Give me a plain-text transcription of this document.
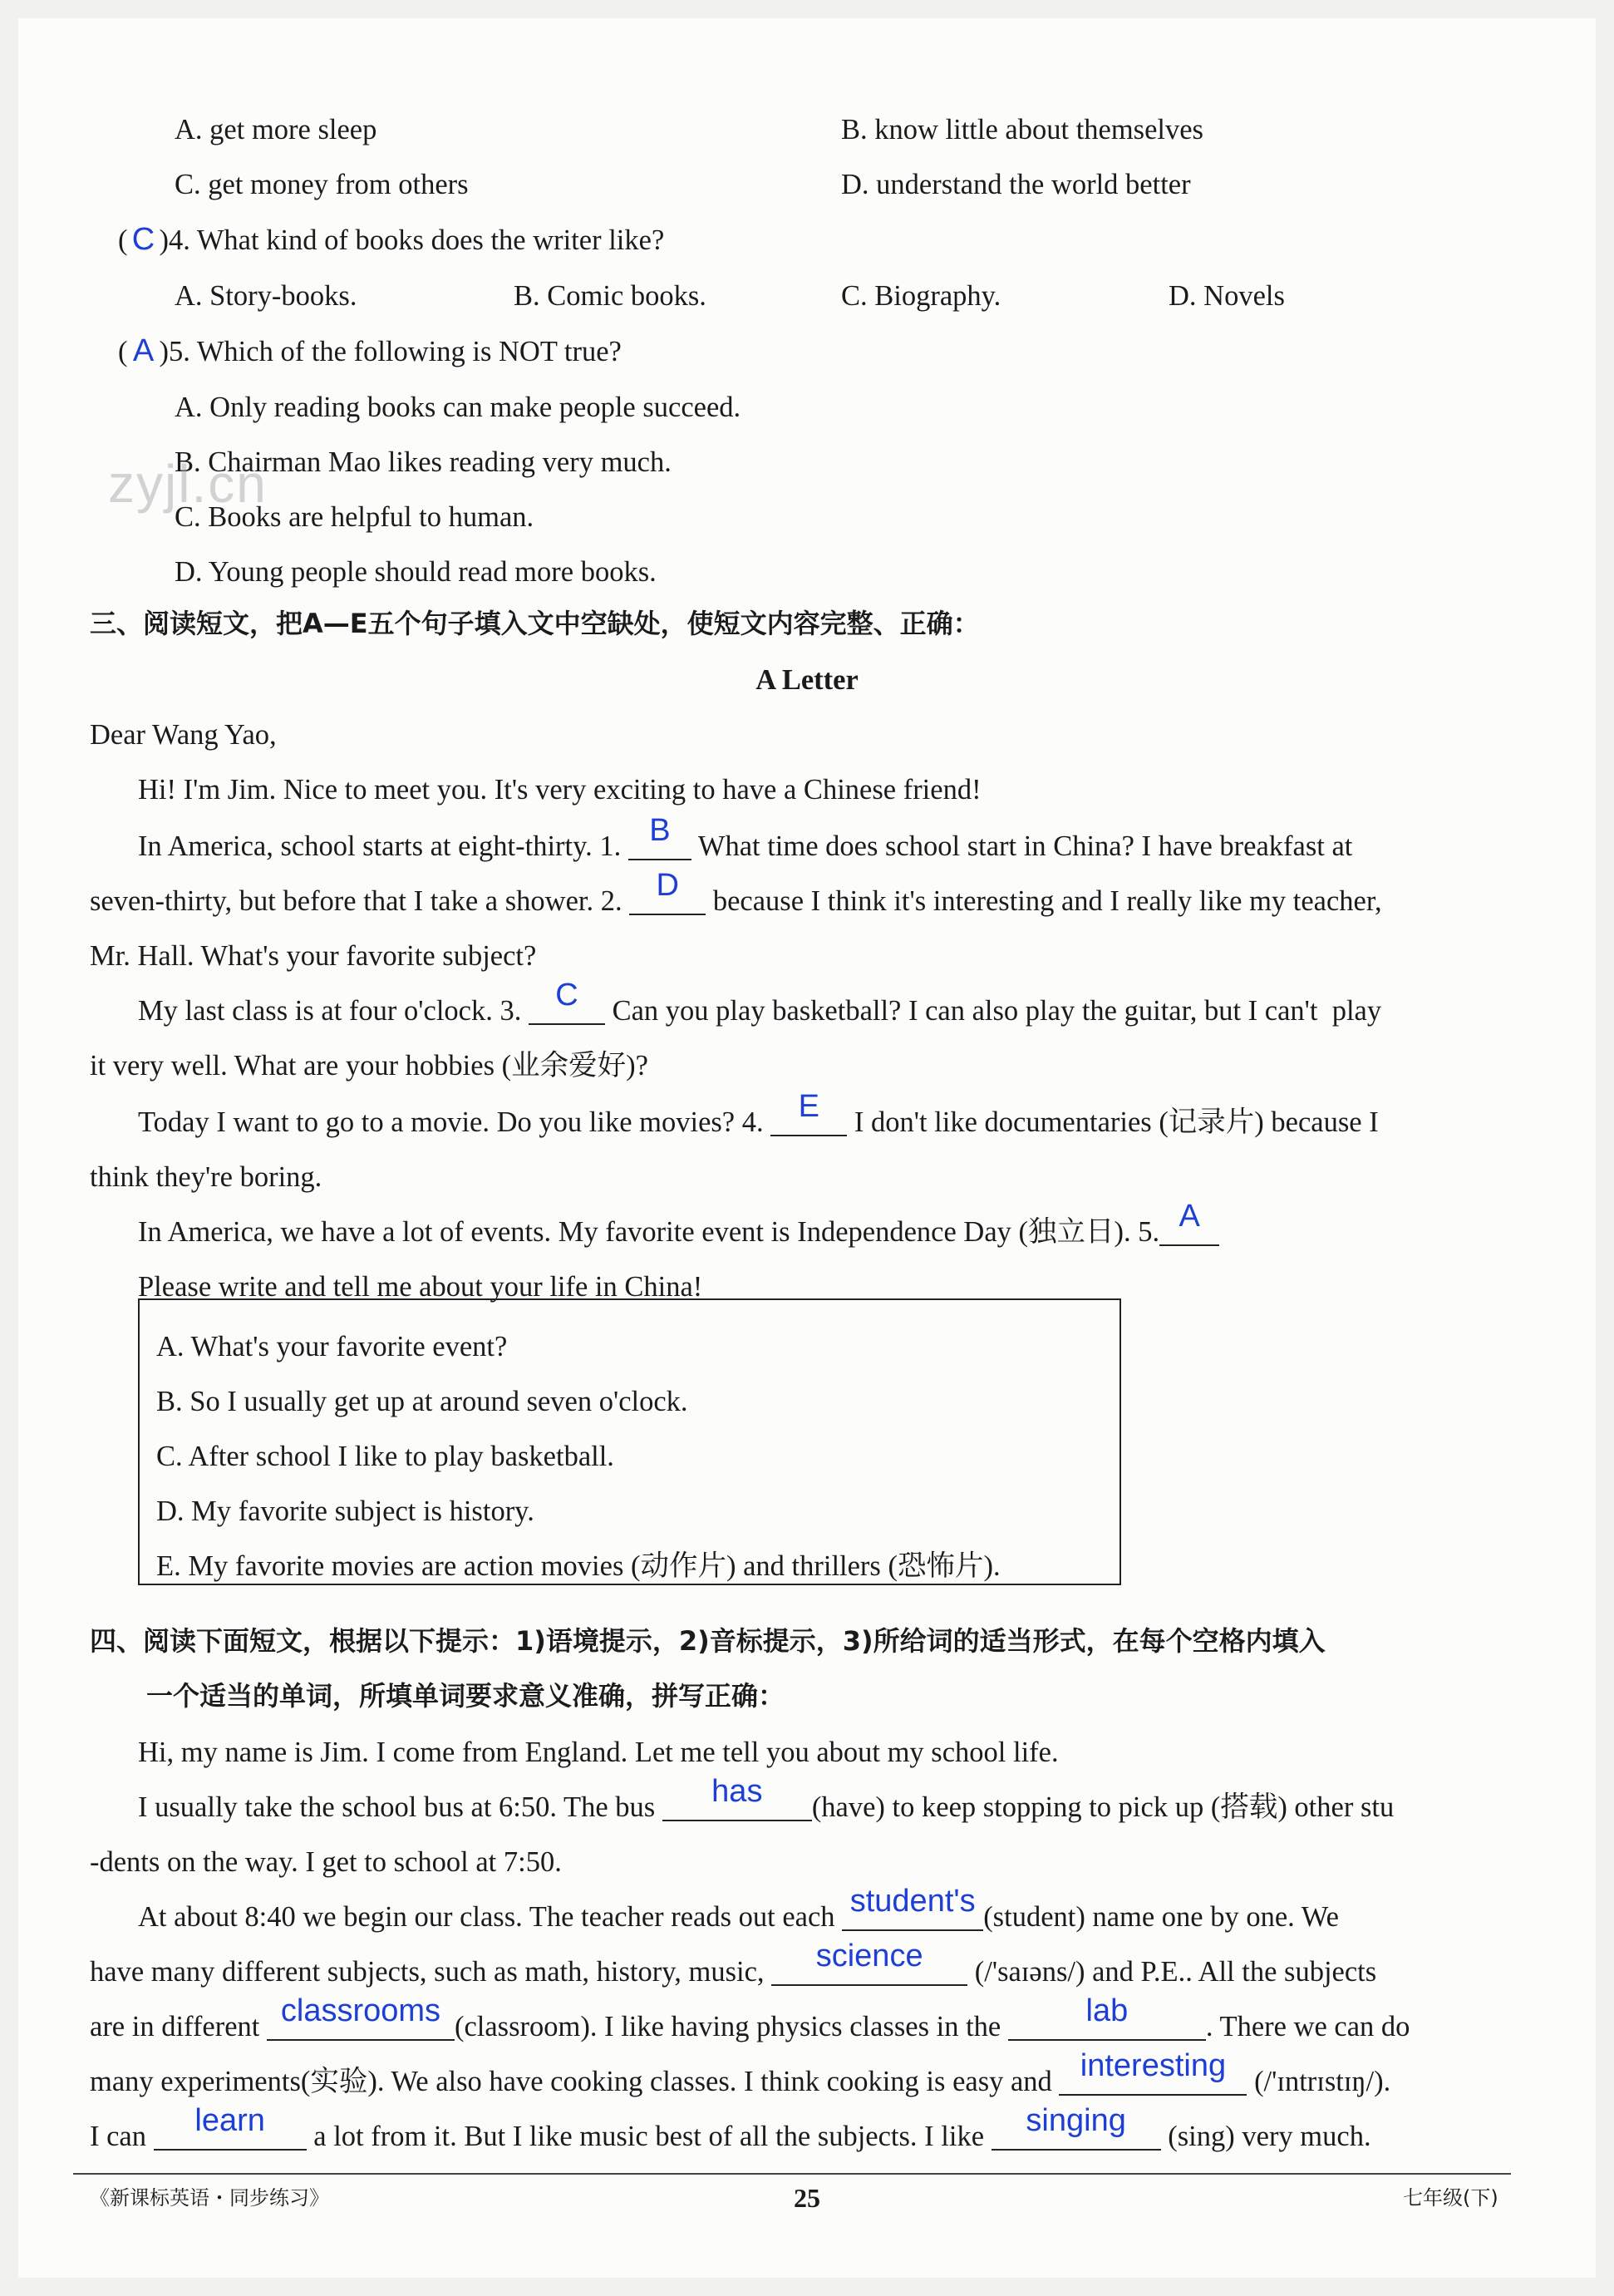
A. get more sleep	B. know little about themselves
C. get money from others	D. understand the world better
( C )4. What kind of books does the writer like?
A. Story-books.	B. Comic books.	C. Biography.	D. Novels
( A )5. Which of the following is NOT true?
A. Only reading books can make people succeed.
B. Chairman Mao likes reading very much.
C. Books are helpful to human.
D. Young people should read more books.
zyjl.cn
三、阅读短文，把A—E五个句子填入文中空缺处，使短文内容完整、正确：
A Letter
Dear Wang Yao,
Hi! I'm Jim. Nice to meet you. It's very exciting to have a Chinese friend!
In America, school starts at eight-thirty. 1. B What time does school start in China? I have breakfast at
seven-thirty, but before that I take a shower. 2. D because I think it's interesting and I really like my teacher,
Mr. Hall. What's your favorite subject?
My last class is at four o'clock. 3. C Can you play basketball? I can also play the guitar, but I can't  play
it very well. What are your hobbies (业余爱好)?
Today I want to go to a movie. Do you like movies? 4. E I don't like documentaries (记录片) because I
think they're boring.
In America, we have a lot of events. My favorite event is Independence Day (独立日). 5. A
Please write and tell me about your life in China!
A. What's your favorite event?
B. So I usually get up at around seven o'clock.
C. After school I like to play basketball.
D. My favorite subject is history.
E. My favorite movies are action movies (动作片) and thrillers (恐怖片).
四、阅读下面短文，根据以下提示：1)语境提示，2)音标提示，3)所给词的适当形式，在每个空格内填入
一个适当的单词，所填单词要求意义准确，拼写正确：
Hi, my name is Jim. I come from England. Let me tell you about my school life.
I usually take the school bus at 6:50. The bus	has	(have) to keep stopping to pick up (搭载) other stu
-dents on the way. I get to school at 7:50.
At about 8:40 we begin our class. The teacher reads out each student's (student) name one by one. We
have many different subjects, such as math, history, music,	science	(/'saɪəns/) and P.E.. All the subjects
are in different classrooms (classroom). I like having physics classes in the	lab	. There we can do
many experiments(实验). We also have cooking classes. I think cooking is easy and interesting (/'ɪntrɪstɪŋ/).
I can	learn	a lot from it. But I like music best of all the subjects. I like	singing	(sing) very much.
《新课标英语・同步练习》	25	七年级(下)
